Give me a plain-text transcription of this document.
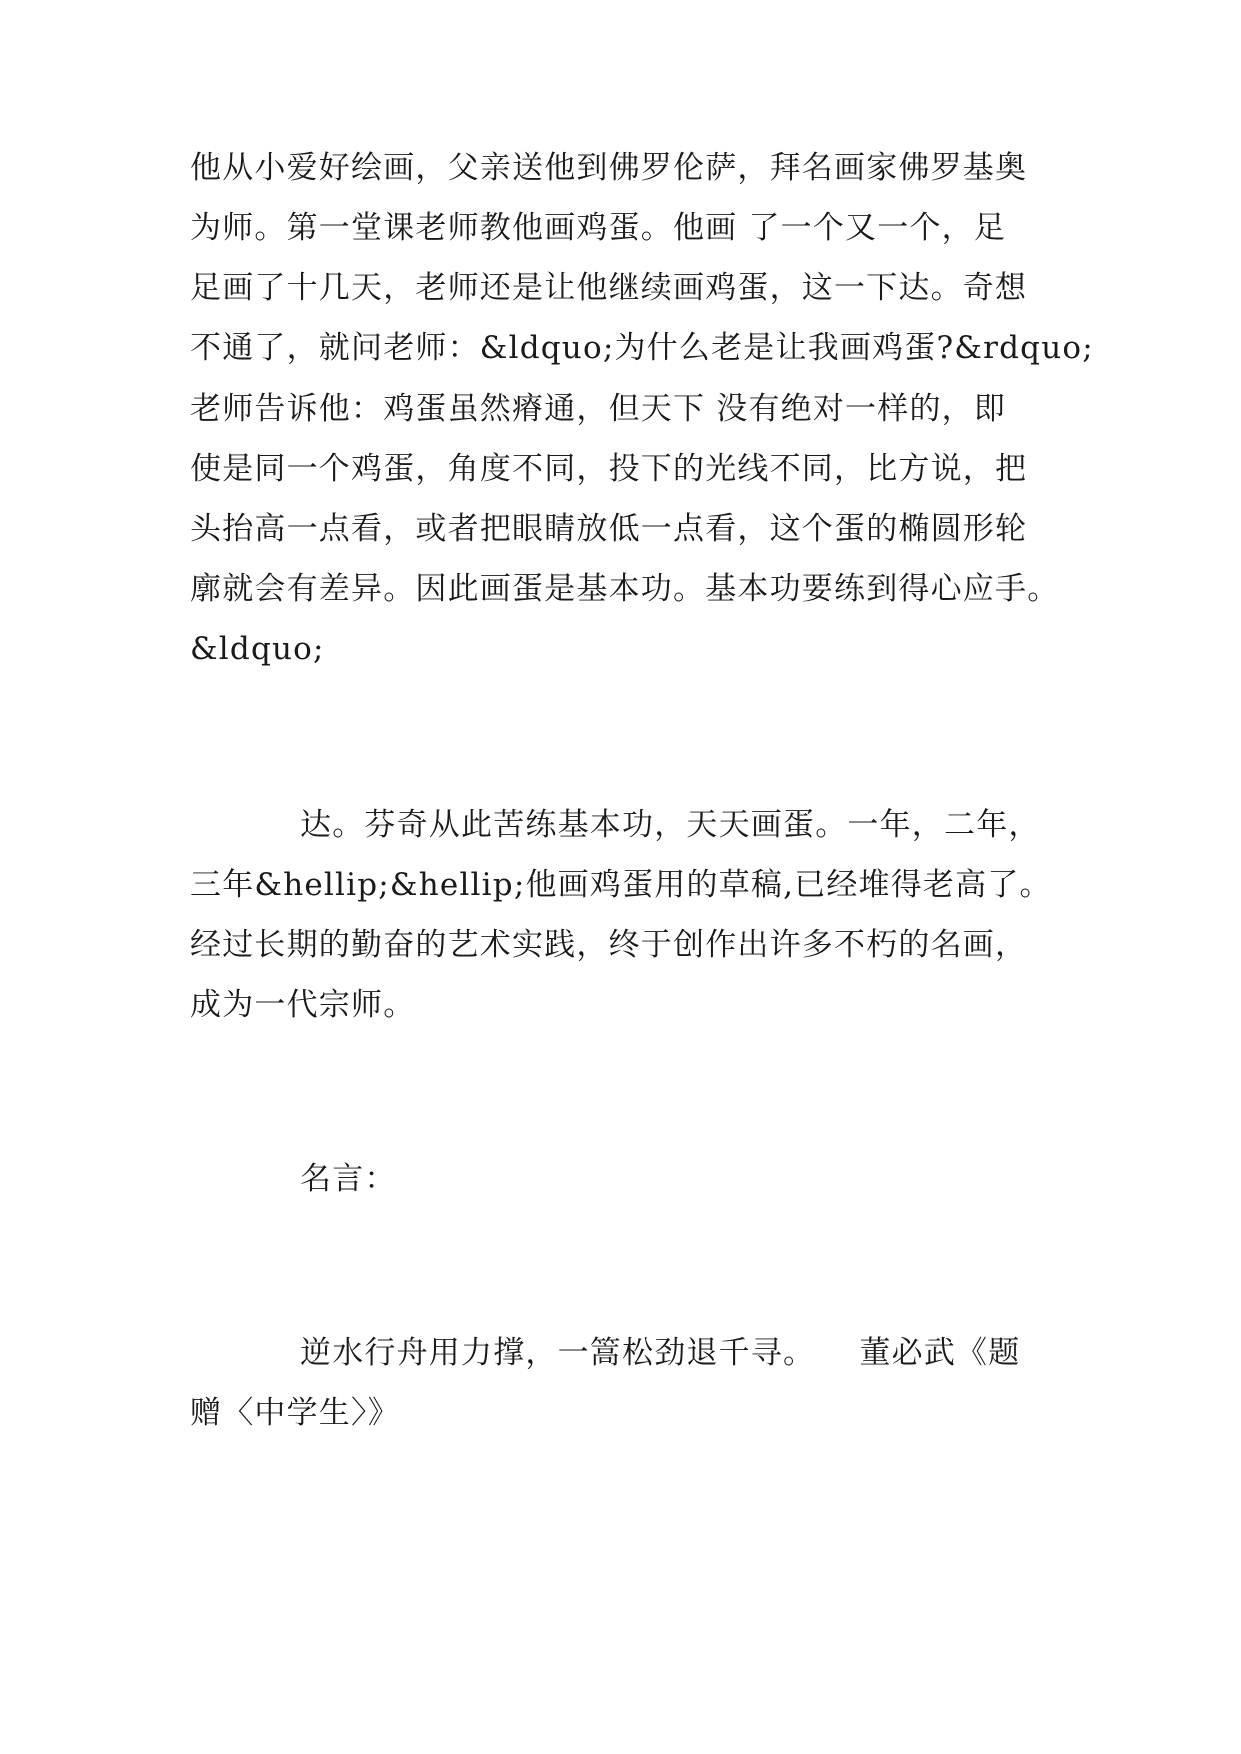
他从小爱好绘画，父亲送他到佛罗伦萨，拜名画家佛罗基奥
为师。第一堂课老师教他画鸡蛋。他画 了一个又一个，足
足画了十几天，老师还是让他继续画鸡蛋，这一下达。奇想
不通了，就问老师：&ldquo;为什么老是让我画鸡蛋?&rdquo;
老师告诉他：鸡蛋虽然瘠通，但天下 没有绝对一样的，即
使是同一个鸡蛋，角度不同，投下的光线不同，比方说，把
头抬高一点看，或者把眼睛放低一点看，这个蛋的椭圆形轮
廓就会有差异。因此画蛋是基本功。基本功要练到得心应手。
&ldquo;
达。芬奇从此苦练基本功，天天画蛋。一年，二年，
三年&hellip;&hellip;他画鸡蛋用的草稿,已经堆得老高了。
经过长期的勤奋的艺术实践，终于创作出许多不朽的名画，
成为一代宗师。
名言：
逆水行舟用力撑，一篙松劲退千寻。    董必武《题
赠〈中学生〉》
